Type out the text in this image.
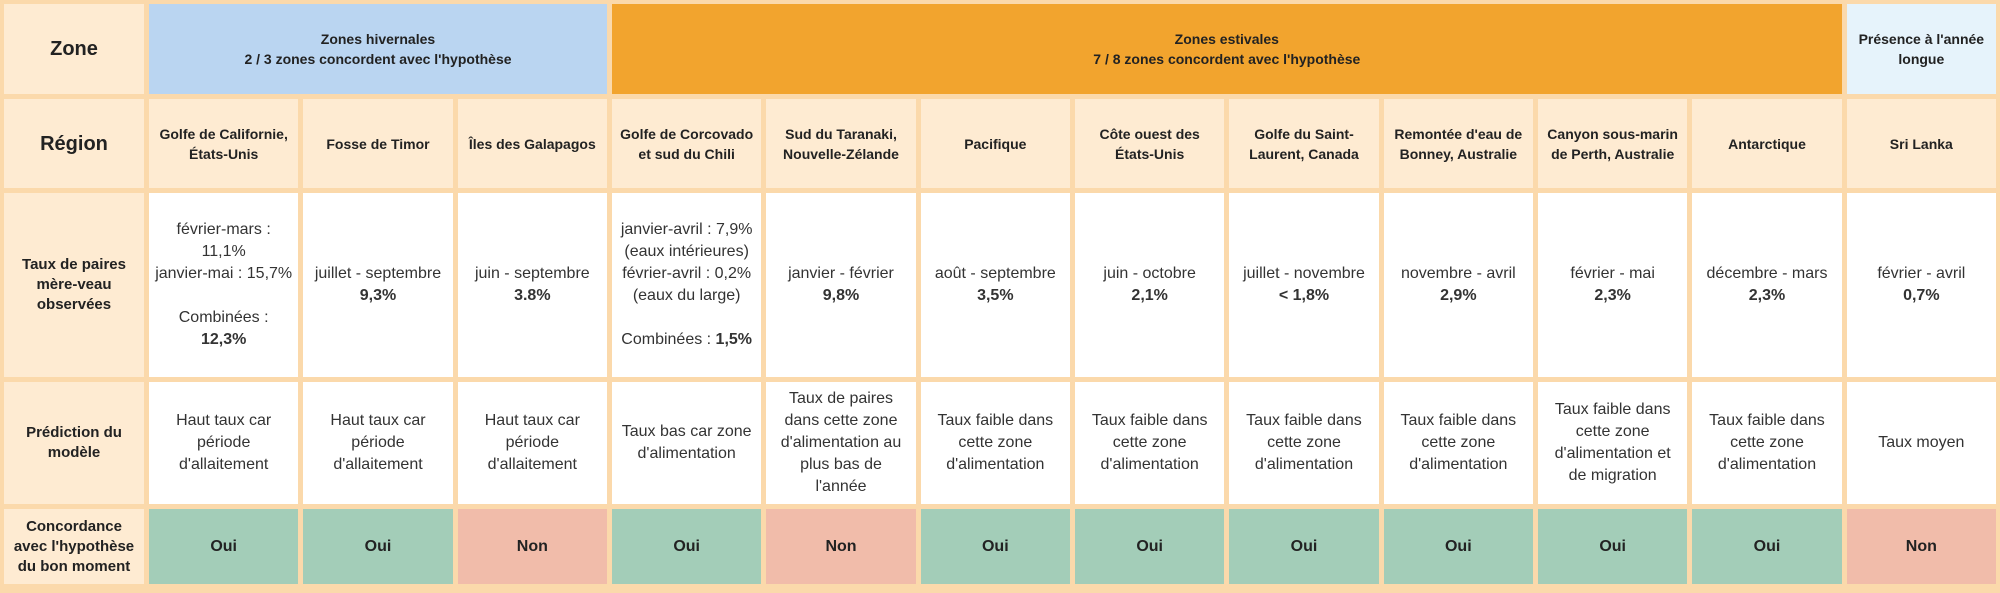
Zone	Zones hivernales
2 / 3 zones concordent avec l'hypothèse
Zones estivales
7 / 8 zones concordent avec l'hypothèse
Présence à l'année longue
Région
Taux de paires mère-veau observées
Prédiction du modèle
Concordance avec l'hypothèse du bon moment
Golfe de Californie, États-Unis
février-mars : 11,1%
janvier-mai : 15,7%
Combinées : 12,3%
Haut taux car période d'allaitement
Oui
Fosse de Timor
juillet - septembre
9,3%
Haut taux car période d'allaitement
Oui
Îles des Galapagos
juin - septembre
3.8%
Haut taux car période d'allaitement
Non
Golfe de Corcovado et sud du Chili
janvier-avril : 7,9%
(eaux intérieures)
février-avril : 0,2%
(eaux du large)
Combinées : 1,5%
Taux bas car zone d'alimentation
Oui
Sud du Taranaki, Nouvelle-Zélande
janvier - février
9,8%
Taux de paires dans cette zone d'alimentation au plus bas de l'année
Non
Pacifique
août - septembre
3,5%
Taux faible dans cette zone d'alimentation
Oui
Côte ouest des États-Unis
juin - octobre
2,1%
Taux faible dans cette zone d'alimentation
Oui
Golfe du Saint-Laurent, Canada
juillet - novembre
< 1,8%
Taux faible dans cette zone d'alimentation
Oui
Remontée d'eau de Bonney, Australie
novembre - avril
2,9%
Taux faible dans cette zone d'alimentation
Oui
Canyon sous-marin de Perth, Australie
février - mai
2,3%
Taux faible dans cette zone d'alimentation et de migration
Oui
Antarctique
décembre - mars
2,3%
Taux faible dans cette zone d'alimentation
Oui
Sri Lanka
février - avril
0,7%
Taux moyen
Non
